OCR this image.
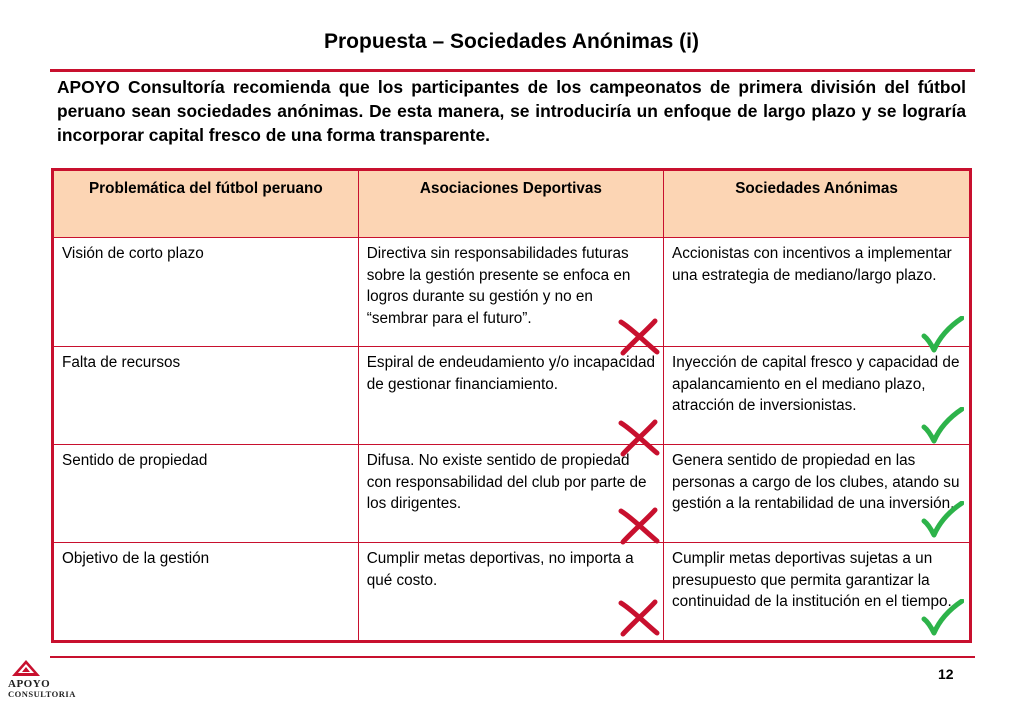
Propuesta – Sociedades Anónimas (i)
APOYO Consultoría recomienda que los participantes de los campeonatos de primera división del fútbol peruano sean sociedades anónimas. De esta manera, se introduciría un enfoque de largo plazo y se lograría incorporar capital fresco de una forma transparente.
Problemática del fútbol peruano	Asociaciones Deportivas	Sociedades Anónimas
Visión de corto plazo	Directiva sin responsabilidades futuras sobre la gestión presente se enfoca en logros durante su gestión y no en “sembrar para el futuro”.	Accionistas con incentivos a implementar una estrategia de mediano/largo plazo.

Falta de recursos	Espiral de endeudamiento y/o incapacidad de gestionar financiamiento.	Inyección de capital fresco y capacidad de apalancamiento en el mediano plazo, atracción de inversionistas.

Sentido de propiedad	Difusa. No existe sentido de propiedad con responsabilidad del club por parte de los dirigentes.	Genera sentido de propiedad en las personas a cargo de los clubes, atando su gestión a la rentabilidad de una inversión.

Objetivo de la gestión	Cumplir metas deportivas, no importa a qué costo.	Cumplir metas deportivas sujetas a un presupuesto que permita garantizar la continuidad de la institución en el tiempo.
12
APOYO
CONSULTORIA
